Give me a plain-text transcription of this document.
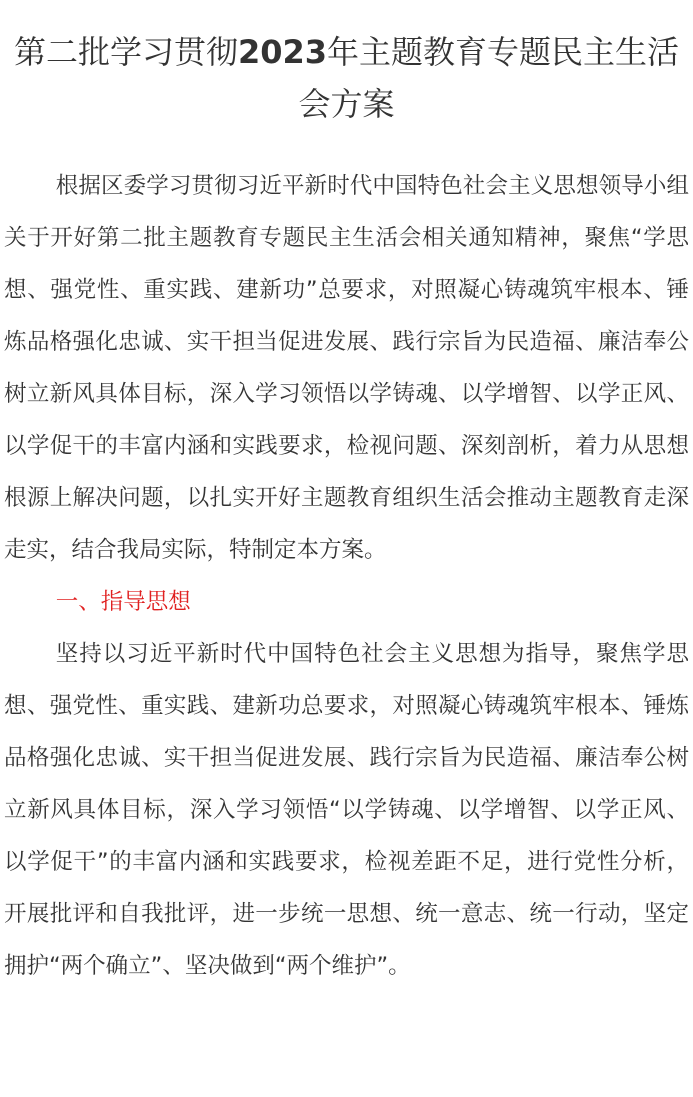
第二批学习贯彻2023年主题教育专题民主生活会方案

根据区委学习贯彻习近平新时代中国特色社会主义思想领导小组关于开好第二批主题教育专题民主生活会相关通知精神，聚焦“学思想、强党性、重实践、建新功”总要求，对照凝心铸魂筑牢根本、锤炼品格强化忠诚、实干担当促进发展、践行宗旨为民造福、廉洁奉公树立新风具体目标，深入学习领悟以学铸魂、以学增智、以学正风、以学促干的丰富内涵和实践要求，检视问题、深刻剖析，着力从思想根源上解决问题，以扎实开好主题教育组织生活会推动主题教育走深走实，结合我局实际，特制定本方案。

一、指导思想

坚持以习近平新时代中国特色社会主义思想为指导，聚焦学思想、强党性、重实践、建新功总要求，对照凝心铸魂筑牢根本、锤炼品格强化忠诚、实干担当促进发展、践行宗旨为民造福、廉洁奉公树立新风具体目标，深入学习领悟“以学铸魂、以学增智、以学正风、以学促干”的丰富内涵和实践要求，检视差距不足，进行党性分析，开展批评和自我批评，进一步统一思想、统一意志、统一行动，坚定拥护“两个确立”、坚决做到“两个维护”。
